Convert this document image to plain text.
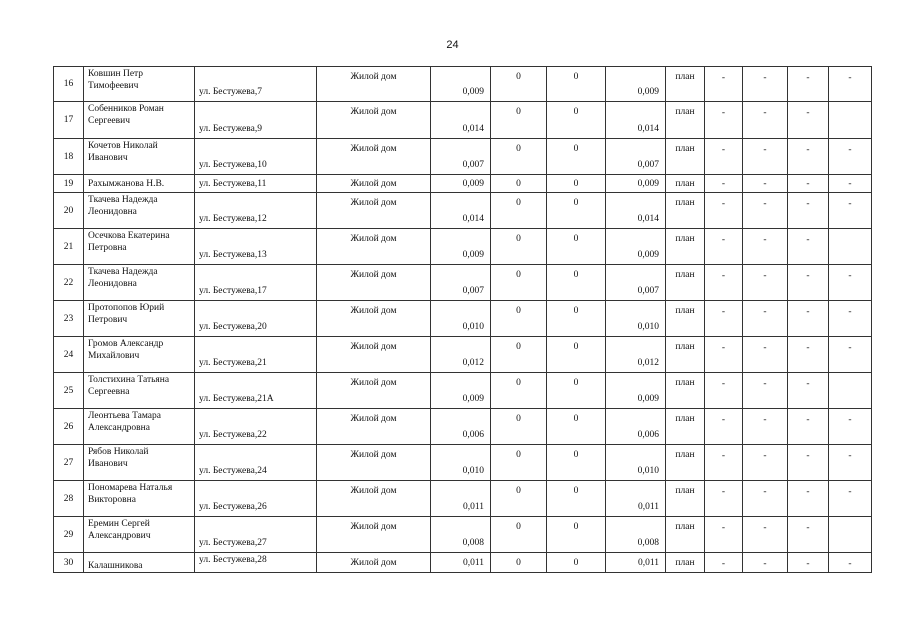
24
16	Ковшин Петр Тимофеевич	ул. Бестужева,7	Жилой дом	0,009	0	0	0,009	план	-	-	-	-
17	Собенников Роман Сергеевич	ул. Бестужева,9	Жилой дом	0,014	0	0	0,014	план	-	-	-	
18	Кочетов Николай Иванович	ул. Бестужева,10	Жилой дом	0,007	0	0	0,007	план	-	-	-	-
19	Рахымжанова Н.В.	ул. Бестужева,11	Жилой дом	0,009	0	0	0,009	план	-	-	-	-
20	Ткачева Надежда Леонидовна	ул. Бестужева,12	Жилой дом	0,014	0	0	0,014	план	-	-	-	-
21	Осечкова Екатерина Петровна	ул. Бестужева,13	Жилой дом	0,009	0	0	0,009	план	-	-	-	
22	Ткачева Надежда Леонидовна	ул. Бестужева,17	Жилой дом	0,007	0	0	0,007	план	-	-	-	-
23	Протопопов Юрий Петрович	ул. Бестужева,20	Жилой дом	0,010	0	0	0,010	план	-	-	-	-
24	Громов Александр Михайлович	ул. Бестужева,21	Жилой дом	0,012	0	0	0,012	план	-	-	-	-
25	Толстихина Татьяна Сергеевна	ул. Бестужева,21А	Жилой дом	0,009	0	0	0,009	план	-	-	-	
26	Леонтьева Тамара Александровна	ул. Бестужева,22	Жилой дом	0,006	0	0	0,006	план	-	-	-	-
27	Рябов Николай Иванович	ул. Бестужева,24	Жилой дом	0,010	0	0	0,010	план	-	-	-	-
28	Пономарева Наталья Викторовна	ул. Бестужева,26	Жилой дом	0,011	0	0	0,011	план	-	-	-	-
29	Еремин Сергей Александрович	ул. Бестужева,27	Жилой дом	0,008	0	0	0,008	план	-	-	-	
30	Калашникова	ул. Бестужева,28	Жилой дом	0,011	0	0	0,011	план	-	-	-	-
